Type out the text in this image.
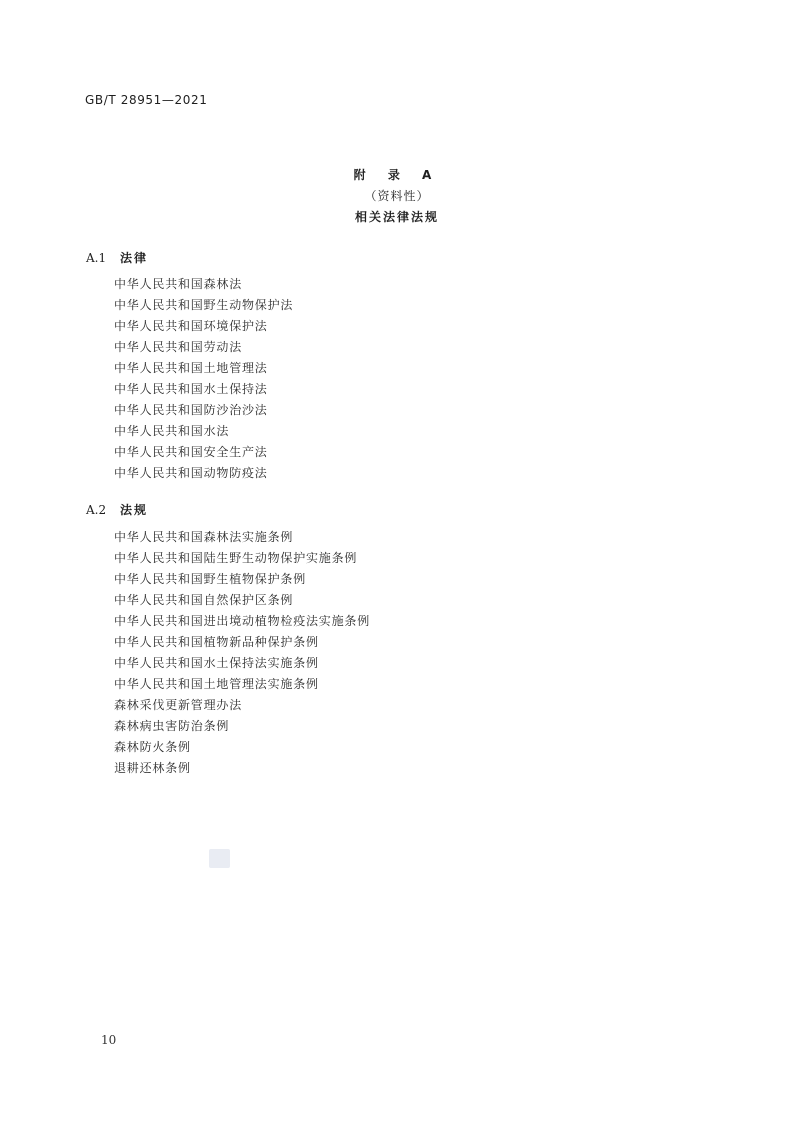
GB/T 28951—2021
附 录 A
（资料性）
相关法律法规
A.1	法律
中华人民共和国森林法
中华人民共和国野生动物保护法
中华人民共和国环境保护法
中华人民共和国劳动法
中华人民共和国土地管理法
中华人民共和国水土保持法
中华人民共和国防沙治沙法
中华人民共和国水法
中华人民共和国安全生产法
中华人民共和国动物防疫法
A.2	法规
中华人民共和国森林法实施条例
中华人民共和国陆生野生动物保护实施条例
中华人民共和国野生植物保护条例
中华人民共和国自然保护区条例
中华人民共和国进出境动植物检疫法实施条例
中华人民共和国植物新品种保护条例
中华人民共和国水土保持法实施条例
中华人民共和国土地管理法实施条例
森林采伐更新管理办法
森林病虫害防治条例
森林防火条例
退耕还林条例
10
